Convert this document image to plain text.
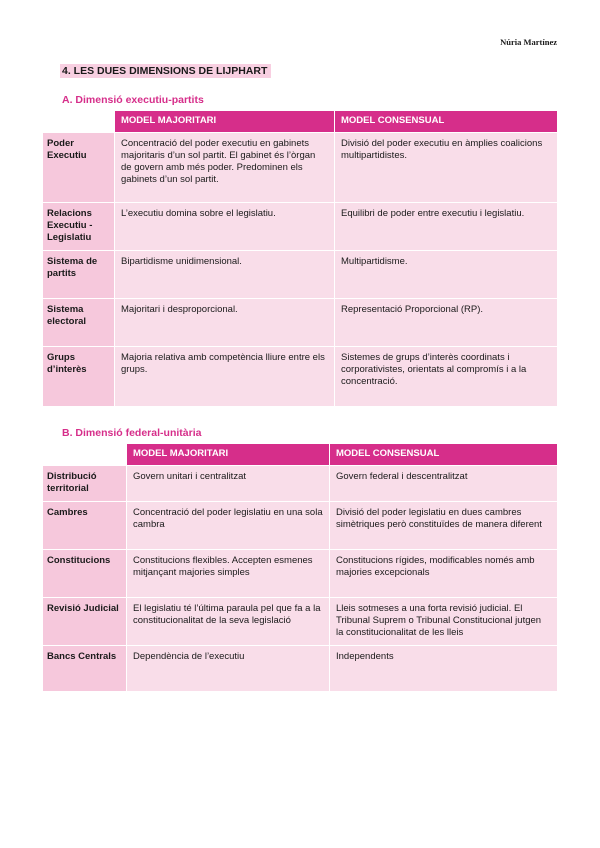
Núria Martínez
4. LES DUES DIMENSIONS DE LIJPHART
A. Dimensió executiu-partits
	MODEL MAJORITARI	MODEL CONSENSUAL
Poder Executiu	Concentració del poder executiu en gabinets majoritaris d’un sol partit. El gabinet és l’òrgan de govern amb més poder. Predominen els gabinets d’un sol partit.	Divisió del poder executiu en àmplies coalicions multipartidistes.
Relacions Executiu - Legislatiu	L’executiu domina sobre el legislatiu.	Equilibri de poder entre executiu i legislatiu.
Sistema de partits	Bipartidisme unidimensional.	Multipartidisme.
Sistema electoral	Majoritari i desproporcional.	Representació Proporcional (RP).
Grups d’interès	Majoria relativa amb competència lliure entre els grups.	Sistemes de grups d’interès coordinats i corporativistes, orientats al compromís i a la concentració.
B. Dimensió federal-unitària
	MODEL MAJORITARI	MODEL CONSENSUAL
Distribució territorial	Govern unitari i centralitzat	Govern federal i descentralitzat
Cambres	Concentració del poder legislatiu en una sola cambra	Divisió del poder legislatiu en dues cambres simètriques però constituïdes de manera diferent
Constitucions	Constitucions flexibles. Accepten esmenes mitjançant majories simples	Constitucions rígides, modificables només amb majories excepcionals
Revisió Judicial	El legislatiu té l’última paraula pel que fa a la constitucionalitat de la seva legislació	Lleis sotmeses a una forta revisió judicial. El Tribunal Suprem o Tribunal Constitucional jutgen la constitucionalitat de les lleis
Bancs Centrals	Dependència de l’executiu	Independents
